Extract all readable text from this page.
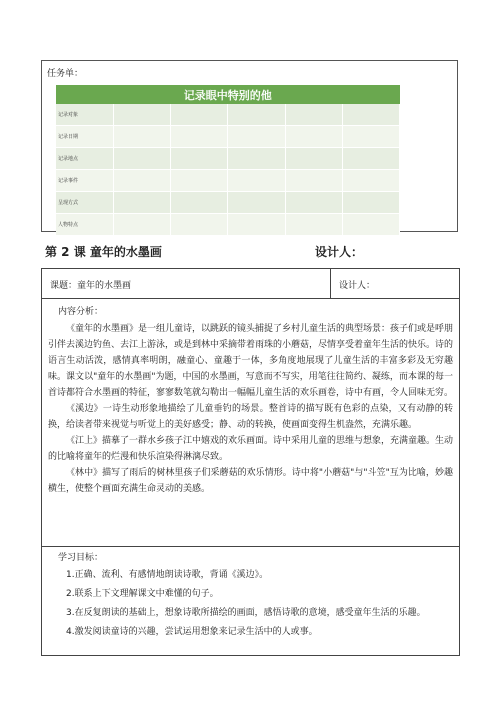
任务单：
记录眼中特别的他					
记录对象					
记录日期					
记录地点					
记录事件					
呈现方式					
人物特点					
第 2 课 童年的水墨画	设计人：
课题：童年的水墨画	设计人：
内容分析：

《童年的水墨画》是一组儿童诗，以跳跃的镜头捕捉了乡村儿童生活的典型场景：孩子们或是呼朋引伴去溪边钓鱼、去江上游泳，或是到林中采摘带着雨珠的小蘑菇，尽情享受着童年生活的快乐。诗的语言生动活泼，感情真率明朗，融童心、童趣于一体，多角度地展现了儿童生活的丰富多彩及无穷趣味。课文以"童年的水墨画"为题，中国的水墨画，写意而不写实，用笔往往简约、凝练，而本课的每一首诗都符合水墨画的特征，寥寥数笔就勾勒出一幅幅儿童生活的欢乐画卷，诗中有画，令人回味无穷。

《溪边》一诗生动形象地描绘了儿童垂钓的场景。整首诗的描写既有色彩的点染，又有动静的转换，给读者带来视觉与听觉上的美好感受；静、动的转换，使画面变得生机盎然，充满乐趣。

《江上》描摹了一群水乡孩子江中嬉戏的欢乐画面。诗中采用儿童的思维与想象，充满童趣。生动的比喻将童年的烂漫和快乐渲染得淋漓尽致。

《林中》描写了雨后的树林里孩子们采蘑菇的欢乐情形。诗中将"小蘑菇"与"斗笠"互为比喻，妙趣横生，使整个画面充满生命灵动的美感。

学习目标：

1.正确、流利、有感情地朗读诗歌，背诵《溪边》。

2.联系上下文理解课文中难懂的句子。

3.在反复朗读的基础上，想象诗歌所描绘的画面，感悟诗歌的意境，感受童年生活的乐趣。

4.激发阅读童诗的兴趣，尝试运用想象来记录生活中的人或事。
